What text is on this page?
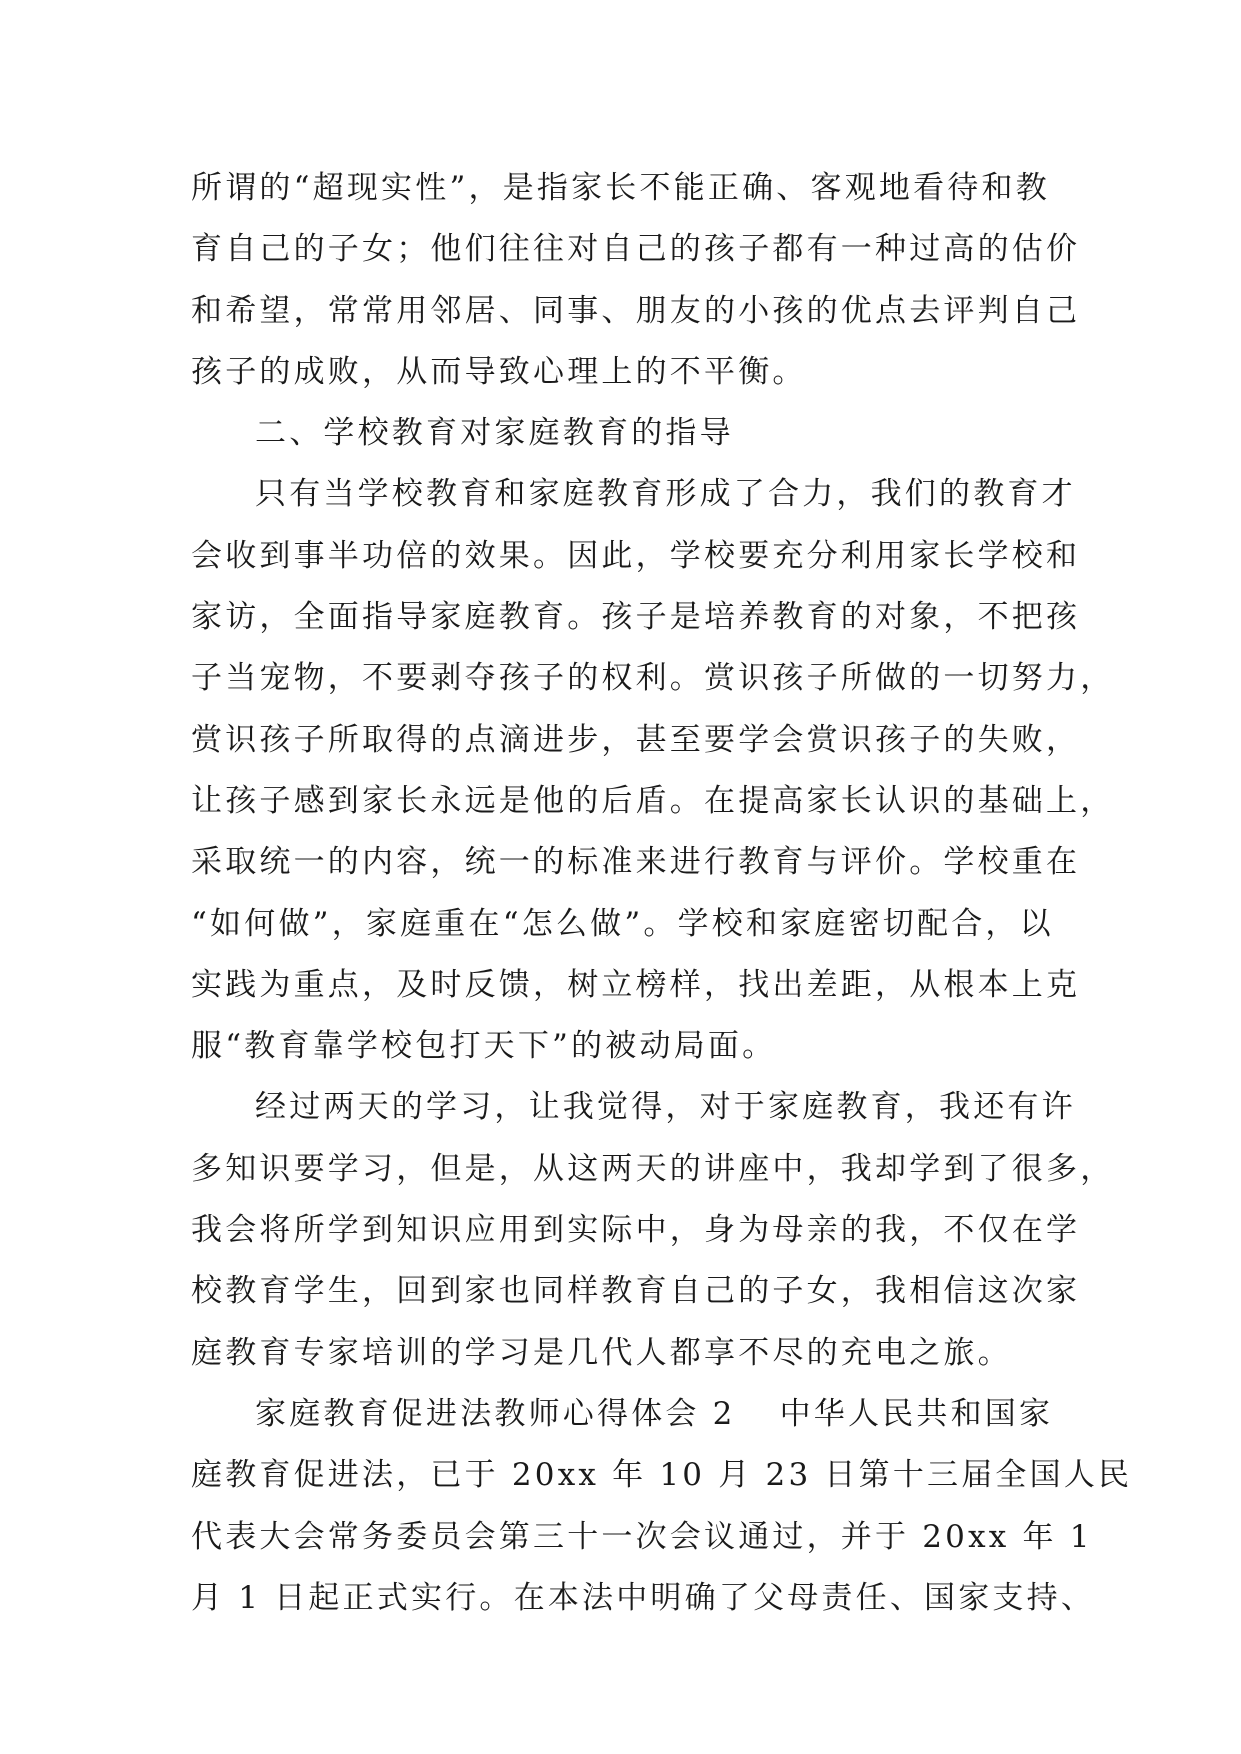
所谓的“超现实性”，是指家长不能正确、客观地看待和教
育自己的子女；他们往往对自己的孩子都有一种过高的估价
和希望，常常用邻居、同事、朋友的小孩的优点去评判自己
孩子的成败，从而导致心理上的不平衡。
二、学校教育对家庭教育的指导
只有当学校教育和家庭教育形成了合力，我们的教育才
会收到事半功倍的效果。因此，学校要充分利用家长学校和
家访，全面指导家庭教育。孩子是培养教育的对象，不把孩
子当宠物，不要剥夺孩子的权利。赏识孩子所做的一切努力，
赏识孩子所取得的点滴进步，甚至要学会赏识孩子的失败，
让孩子感到家长永远是他的后盾。在提高家长认识的基础上，
采取统一的内容，统一的标准来进行教育与评价。学校重在
“如何做”，家庭重在“怎么做”。学校和家庭密切配合，以
实践为重点，及时反馈，树立榜样，找出差距，从根本上克
服“教育靠学校包打天下”的被动局面。
经过两天的学习，让我觉得，对于家庭教育，我还有许
多知识要学习，但是，从这两天的讲座中，我却学到了很多，
我会将所学到知识应用到实际中，身为母亲的我，不仅在学
校教育学生，回到家也同样教育自己的子女，我相信这次家
庭教育专家培训的学习是几代人都享不尽的充电之旅。
家庭教育促进法教师心得体会 2 中华人民共和国家
庭教育促进法，已于 20xx 年 10 月 23 日第十三届全国人民
代表大会常务委员会第三十一次会议通过，并于 20xx 年 1
月 1 日起正式实行。在本法中明确了父母责任、国家支持、
